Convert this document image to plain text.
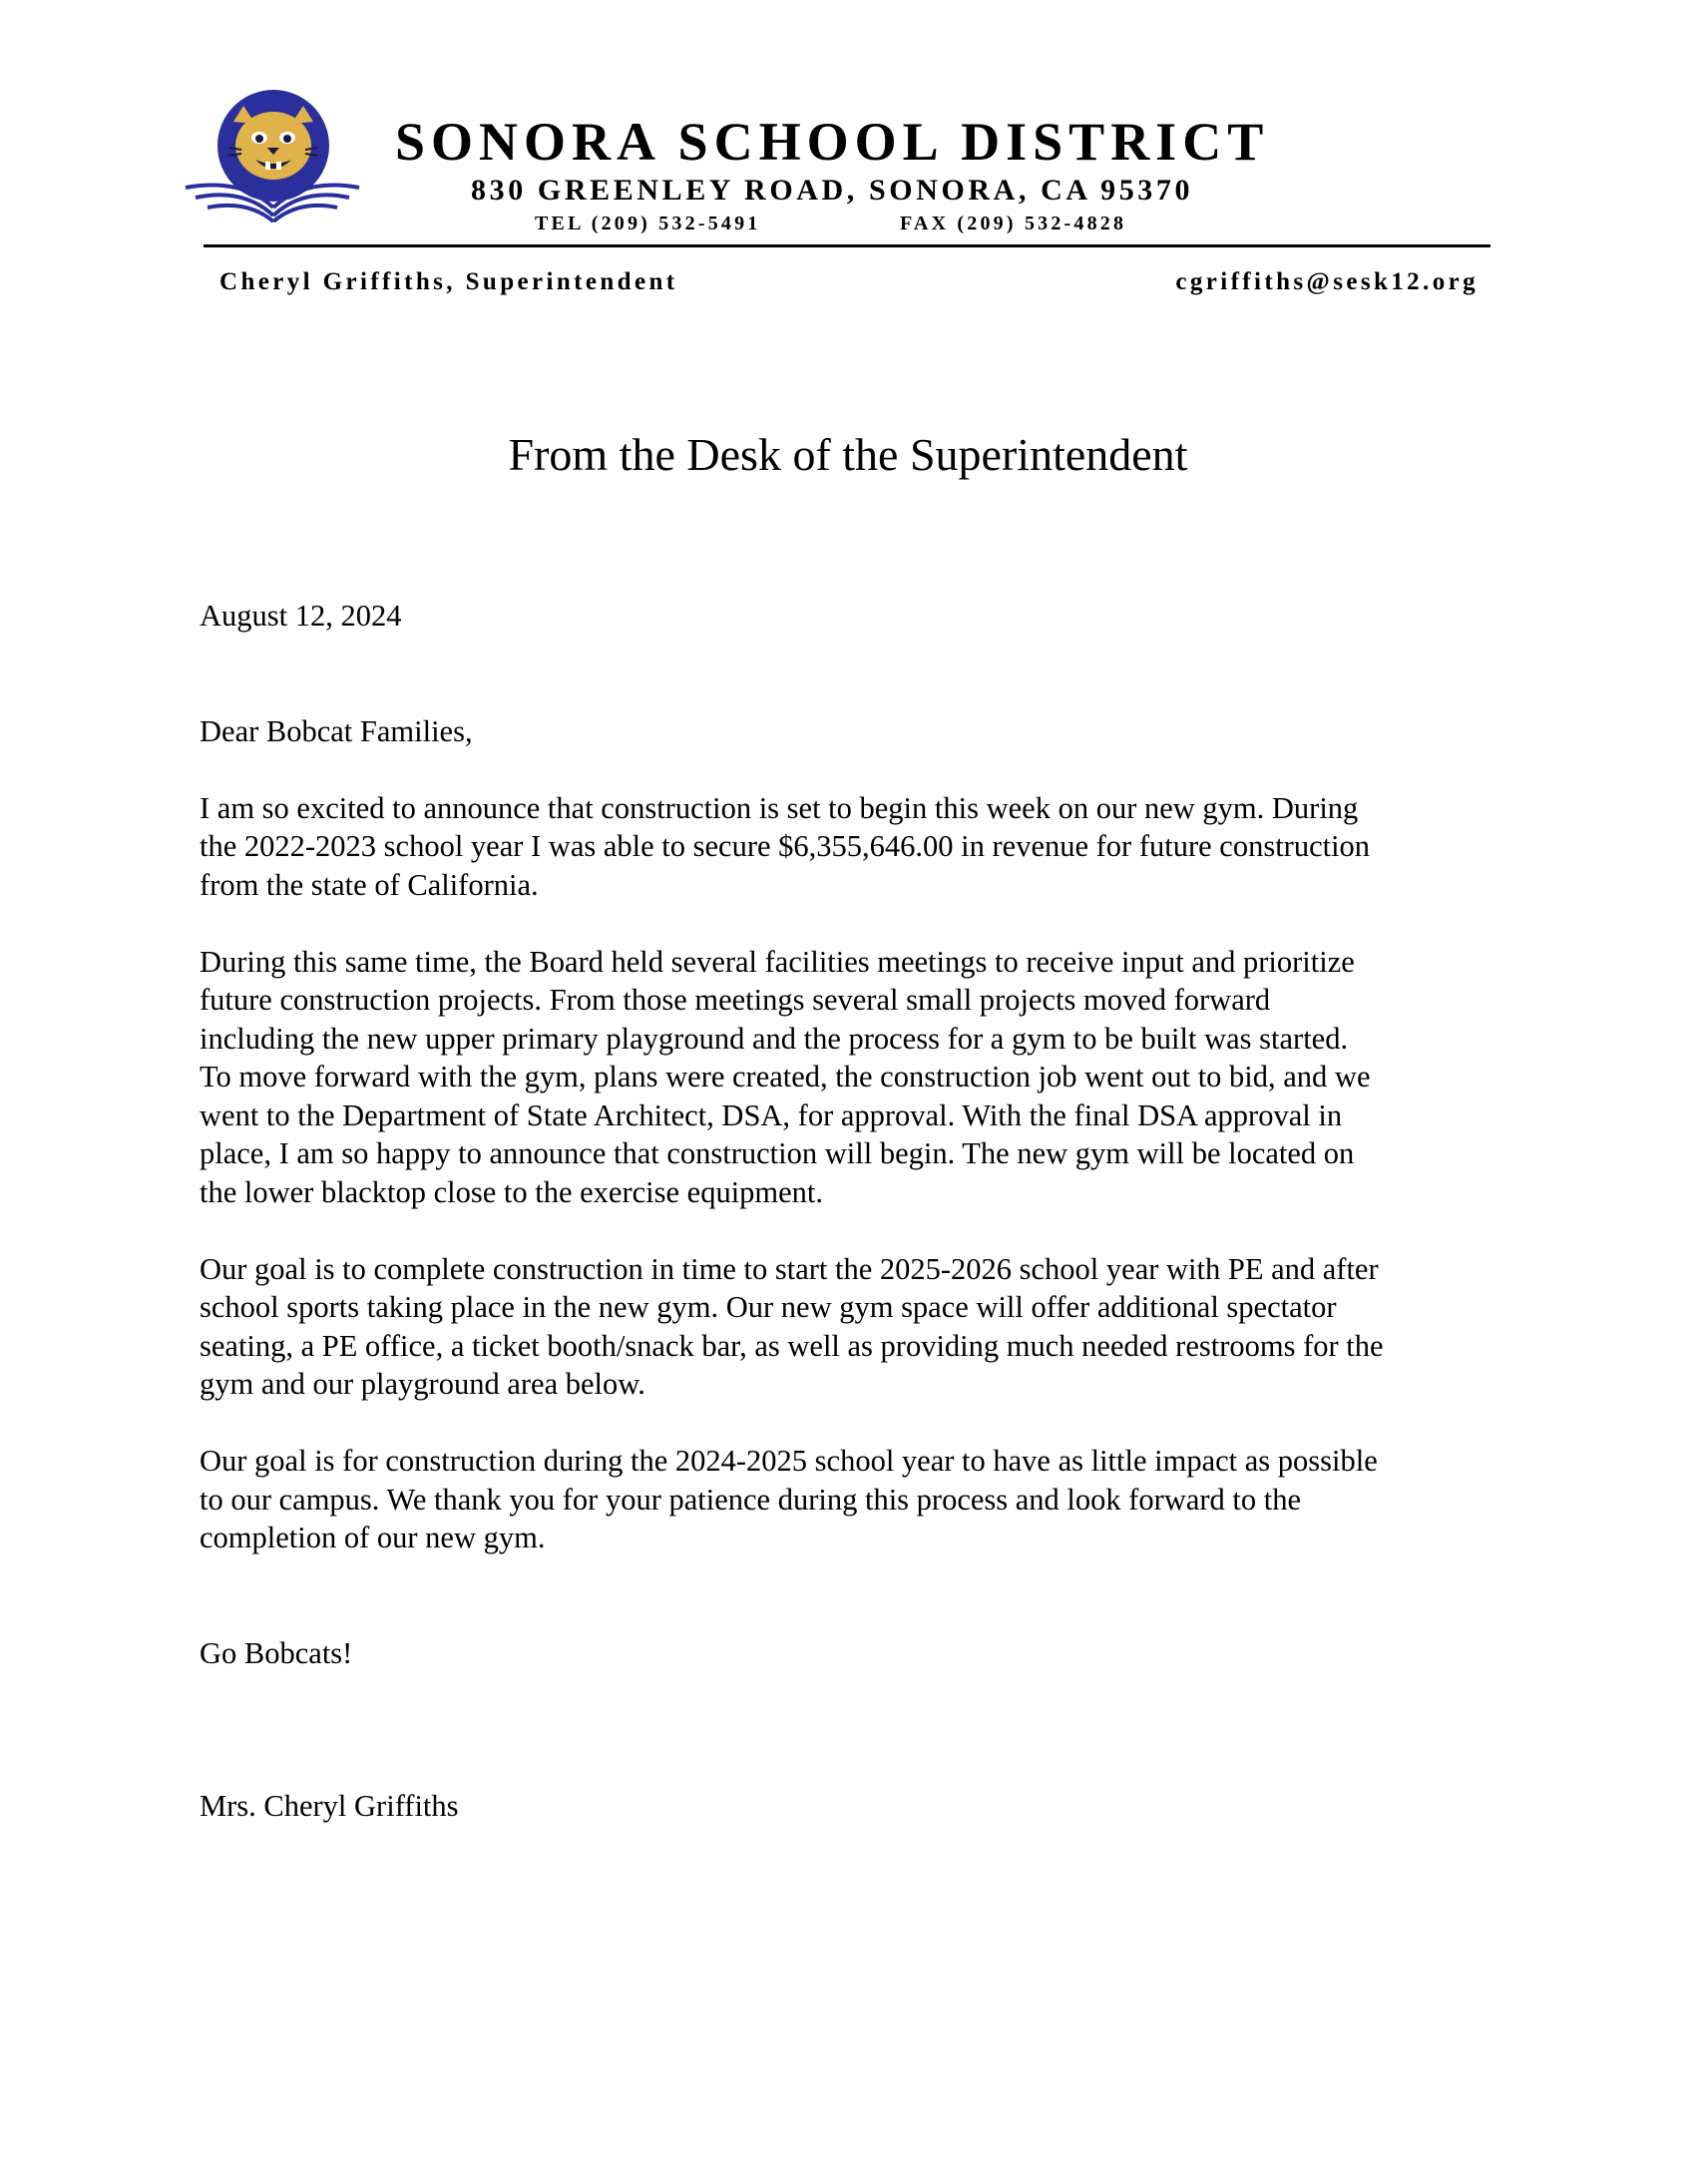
SONORA SCHOOL DISTRICT
830 GREENLEY ROAD, SONORA, CA 95370
TEL (209) 532-5491	FAX (209) 532-4828
Cheryl Griffiths, Superintendent	cgriffiths@sesk12.org
From the Desk of the Superintendent

August 12, 2024

Dear Bobcat Families,

I am so excited to announce that construction is set to begin this week on our new gym. During

the 2022-2023 school year I was able to secure $6,355,646.00 in revenue for future construction

from the state of California.

During this same time, the Board held several facilities meetings to receive input and prioritize

future construction projects. From those meetings several small projects moved forward

including the new upper primary playground and the process for a gym to be built was started.

To move forward with the gym, plans were created, the construction job went out to bid, and we

went to the Department of State Architect, DSA, for approval. With the final DSA approval in

place, I am so happy to announce that construction will begin. The new gym will be located on

the lower blacktop close to the exercise equipment.

Our goal is to complete construction in time to start the 2025-2026 school year with PE and after

school sports taking place in the new gym. Our new gym space will offer additional spectator

seating, a PE office, a ticket booth/snack bar, as well as providing much needed restrooms for the

gym and our playground area below.

Our goal is for construction during the 2024-2025 school year to have as little impact as possible

to our campus. We thank you for your patience during this process and look forward to the

completion of our new gym.

Go Bobcats!

Mrs. Cheryl Griffiths
